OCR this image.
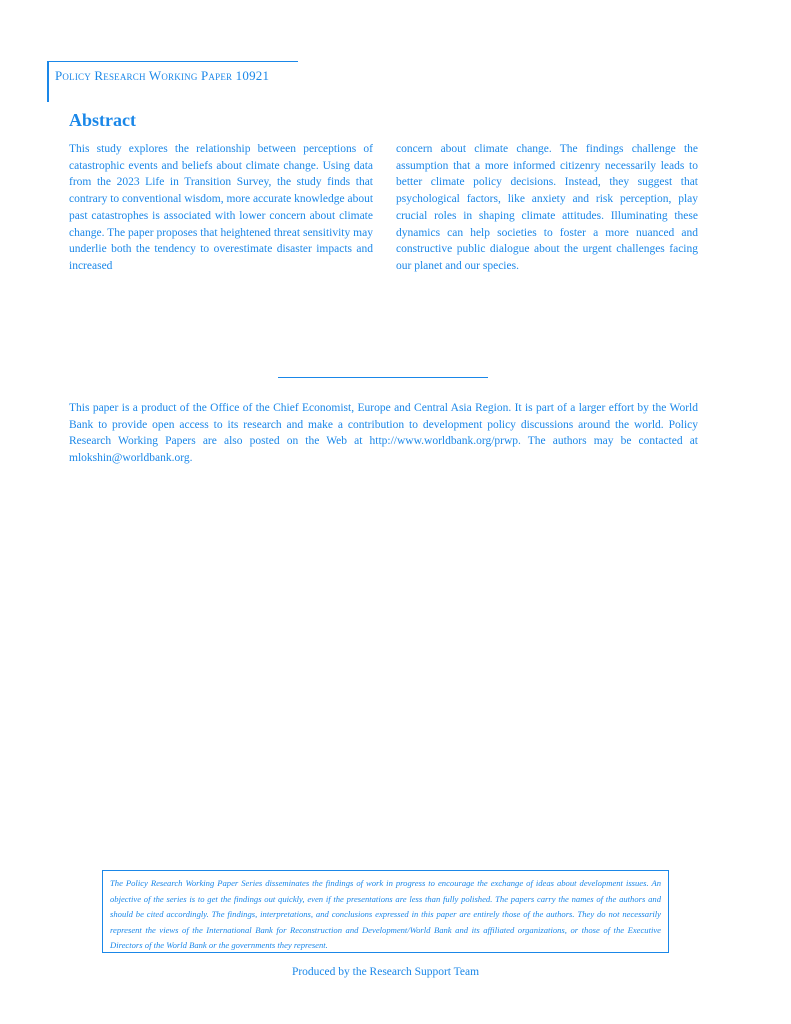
Policy Research Working Paper 10921
Abstract

This study explores the relationship between perceptions of catastrophic events and beliefs about climate change. Using data from the 2023 Life in Transition Survey, the study finds that contrary to conventional wisdom, more accurate knowledge about past catastrophes is associated with lower concern about climate change. The paper proposes that heightened threat sensitivity may underlie both the tendency to overestimate disaster impacts and increased

concern about climate change. The findings challenge the assumption that a more informed citizenry necessarily leads to better climate policy decisions. Instead, they suggest that psychological factors, like anxiety and risk perception, play crucial roles in shaping climate attitudes. Illuminating these dynamics can help societies to foster a more nuanced and constructive public dialogue about the urgent challenges facing our planet and our species.

This paper is a product of the Office of the Chief Economist, Europe and Central Asia Region. It is part of a larger effort by the World Bank to provide open access to its research and make a contribution to development policy discussions around the world. Policy Research Working Papers are also posted on the Web at http://www.worldbank.org/prwp. The authors may be contacted at mlokshin@worldbank.org.
The Policy Research Working Paper Series disseminates the findings of work in progress to encourage the exchange of ideas about development issues. An objective of the series is to get the findings out quickly, even if the presentations are less than fully polished. The papers carry the names of the authors and should be cited accordingly. The findings, interpretations, and conclusions expressed in this paper are entirely those of the authors. They do not necessarily represent the views of the International Bank for Reconstruction and Development/World Bank and its affiliated organizations, or those of the Executive Directors of the World Bank or the governments they represent.
Produced by the Research Support Team
